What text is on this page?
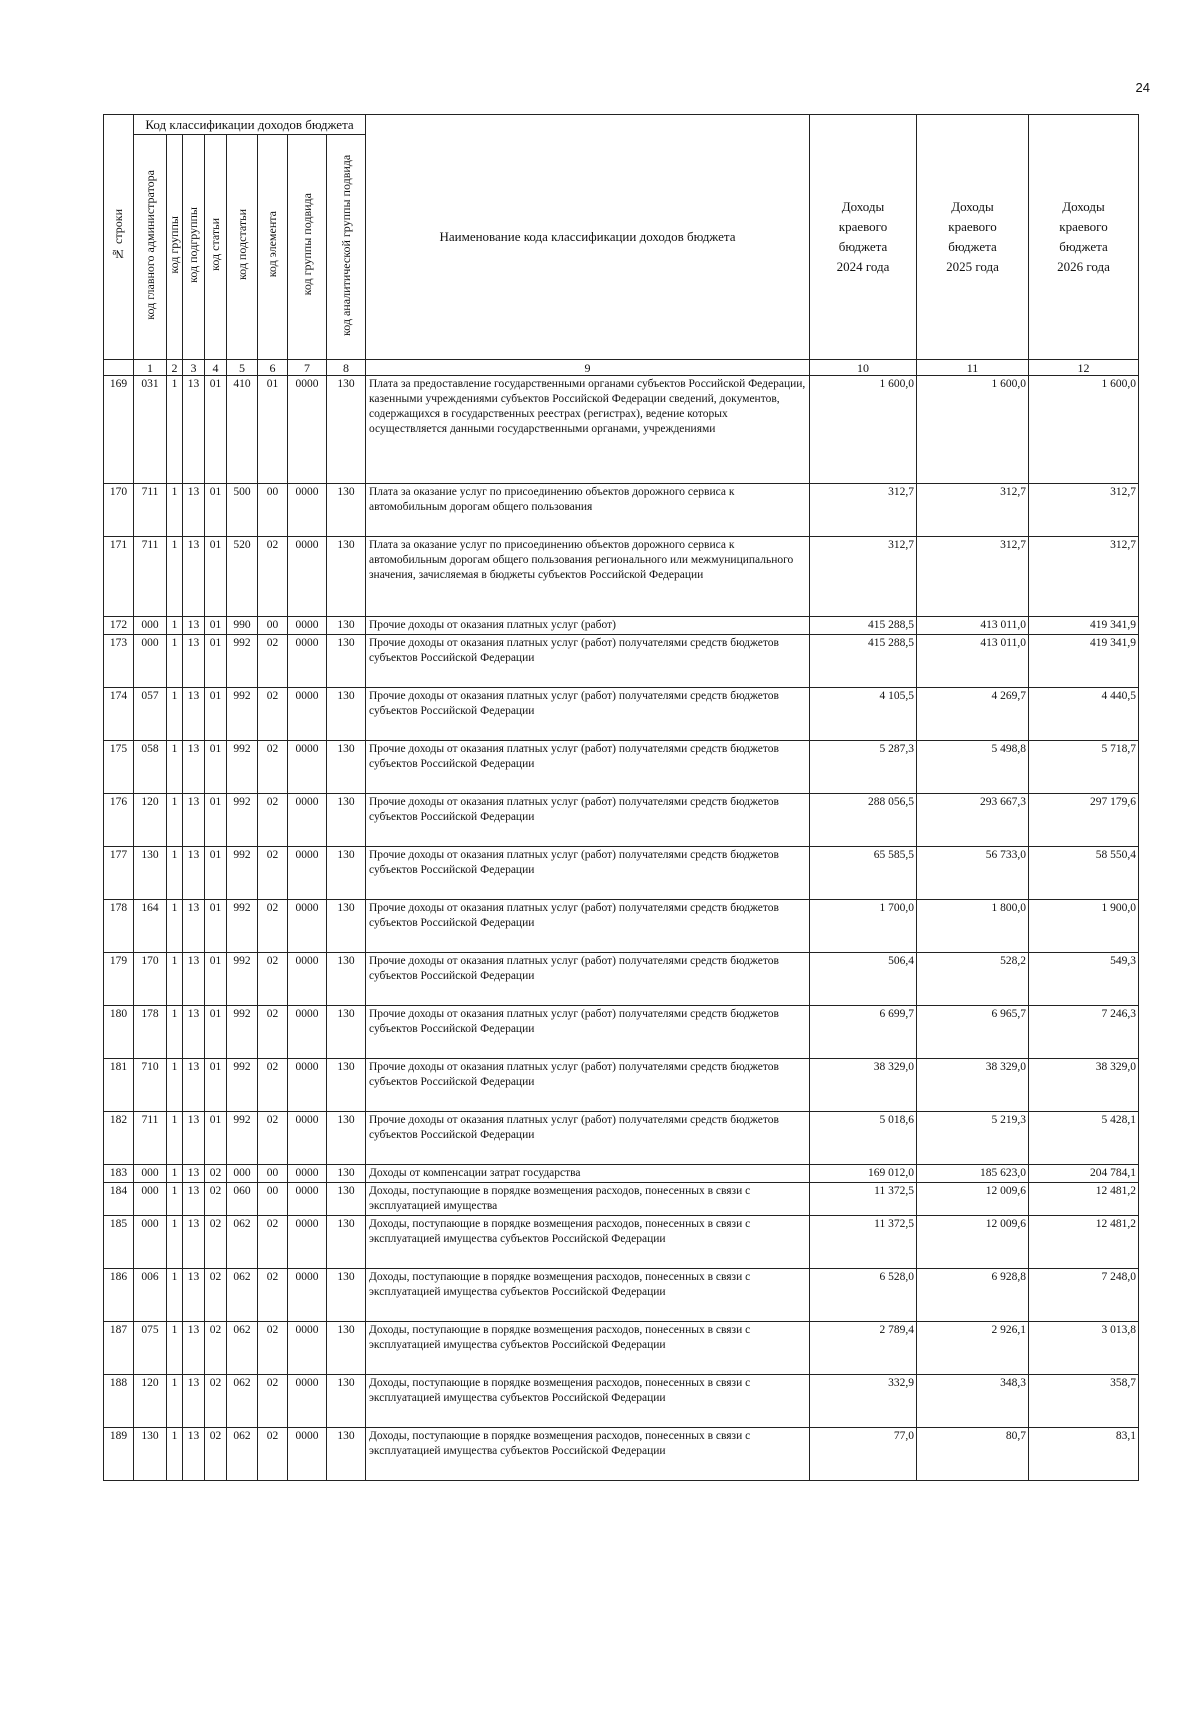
24
№ строки	Код классификации доходов бюджета								Наименование кода классификации доходов бюджета	Доходы
краевого
бюджета
2024 года	Доходы
краевого
бюджета
2025 года	Доходы
краевого
бюджета
2026 года

	код главного администратора	код группы	код подгруппы	код статьи	код подстатьи	код элемента	код группы подвида	код аналитической группы подвида				
	1	2	3	4	5	6	7	8	9	10	11	12
169	031	1	13	01	410	01	0000	130	Плата за предоставление государственными органами субъектов Российской Федерации, казенными учреждениями субъектов Российской Федерации сведений, документов, содержащихся в государственных реестрах (регистрах), ведение которых осуществляется данными государственными органами, учреждениями	1 600,0	1 600,0	1 600,0
170	711	1	13	01	500	00	0000	130	Плата за оказание услуг по присоединению объектов дорожного сервиса к автомобильным дорогам общего пользования	312,7	312,7	312,7
171	711	1	13	01	520	02	0000	130	Плата за оказание услуг по присоединению объектов дорожного сервиса к автомобильным дорогам общего пользования регионального или межмуниципального значения, зачисляемая в бюджеты субъектов Российской Федерации	312,7	312,7	312,7
172	000	1	13	01	990	00	0000	130	Прочие доходы от оказания платных услуг (работ)	415 288,5	413 011,0	419 341,9
173	000	1	13	01	992	02	0000	130	Прочие доходы от оказания платных услуг (работ) получателями средств бюджетов субъектов Российской Федерации	415 288,5	413 011,0	419 341,9
174	057	1	13	01	992	02	0000	130	Прочие доходы от оказания платных услуг (работ) получателями средств бюджетов субъектов Российской Федерации	4 105,5	4 269,7	4 440,5
175	058	1	13	01	992	02	0000	130	Прочие доходы от оказания платных услуг (работ) получателями средств бюджетов субъектов Российской Федерации	5 287,3	5 498,8	5 718,7
176	120	1	13	01	992	02	0000	130	Прочие доходы от оказания платных услуг (работ) получателями средств бюджетов субъектов Российской Федерации	288 056,5	293 667,3	297 179,6
177	130	1	13	01	992	02	0000	130	Прочие доходы от оказания платных услуг (работ) получателями средств бюджетов субъектов Российской Федерации	65 585,5	56 733,0	58 550,4
178	164	1	13	01	992	02	0000	130	Прочие доходы от оказания платных услуг (работ) получателями средств бюджетов субъектов Российской Федерации	1 700,0	1 800,0	1 900,0
179	170	1	13	01	992	02	0000	130	Прочие доходы от оказания платных услуг (работ) получателями средств бюджетов субъектов Российской Федерации	506,4	528,2	549,3
180	178	1	13	01	992	02	0000	130	Прочие доходы от оказания платных услуг (работ) получателями средств бюджетов субъектов Российской Федерации	6 699,7	6 965,7	7 246,3
181	710	1	13	01	992	02	0000	130	Прочие доходы от оказания платных услуг (работ) получателями средств бюджетов субъектов Российской Федерации	38 329,0	38 329,0	38 329,0
182	711	1	13	01	992	02	0000	130	Прочие доходы от оказания платных услуг (работ) получателями средств бюджетов субъектов Российской Федерации	5 018,6	5 219,3	5 428,1
183	000	1	13	02	000	00	0000	130	Доходы от компенсации затрат государства	169 012,0	185 623,0	204 784,1
184	000	1	13	02	060	00	0000	130	Доходы, поступающие в порядке возмещения расходов, понесенных в связи с эксплуатацией имущества	11 372,5	12 009,6	12 481,2
185	000	1	13	02	062	02	0000	130	Доходы, поступающие в порядке возмещения расходов, понесенных в связи с эксплуатацией имущества субъектов Российской Федерации	11 372,5	12 009,6	12 481,2
186	006	1	13	02	062	02	0000	130	Доходы, поступающие в порядке возмещения расходов, понесенных в связи с эксплуатацией имущества субъектов Российской Федерации	6 528,0	6 928,8	7 248,0
187	075	1	13	02	062	02	0000	130	Доходы, поступающие в порядке возмещения расходов, понесенных в связи с эксплуатацией имущества субъектов Российской Федерации	2 789,4	2 926,1	3 013,8
188	120	1	13	02	062	02	0000	130	Доходы, поступающие в порядке возмещения расходов, понесенных в связи с эксплуатацией имущества субъектов Российской Федерации	332,9	348,3	358,7
189	130	1	13	02	062	02	0000	130	Доходы, поступающие в порядке возмещения расходов, понесенных в связи с эксплуатацией имущества субъектов Российской Федерации	77,0	80,7	83,1
